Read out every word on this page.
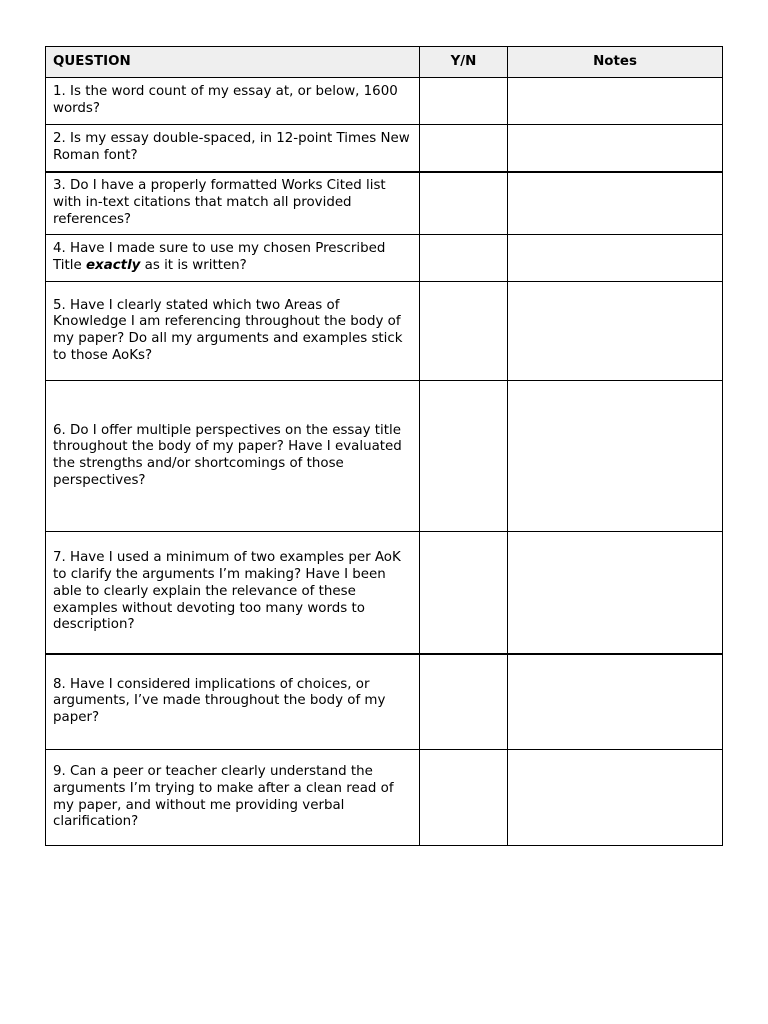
QUESTION	Y/N	Notes
1. Is the word count of my essay at, or below, 1600 words?		
2. Is my essay double-spaced, in 12-point Times New Roman font?		
3. Do I have a properly formatted Works Cited list with in-text citations that match all provided references?		
4. Have I made sure to use my chosen Prescribed Title exactly as it is written?		
5. Have I clearly stated which two Areas of Knowledge I am referencing throughout the body of my paper? Do all my arguments and examples stick to those AoKs?		
6. Do I offer multiple perspectives on the essay title throughout the body of my paper? Have I evaluated the strengths and/or shortcomings of those perspectives?		
7. Have I used a minimum of two examples per AoK to clarify the arguments I’m making? Have I been able to clearly explain the relevance of these examples without devoting too many words to description?		
8. Have I considered implications of choices, or arguments, I’ve made throughout the body of my paper?		
9. Can a peer or teacher clearly understand the arguments I’m trying to make after a clean read of my paper, and without me providing verbal clarification?		
